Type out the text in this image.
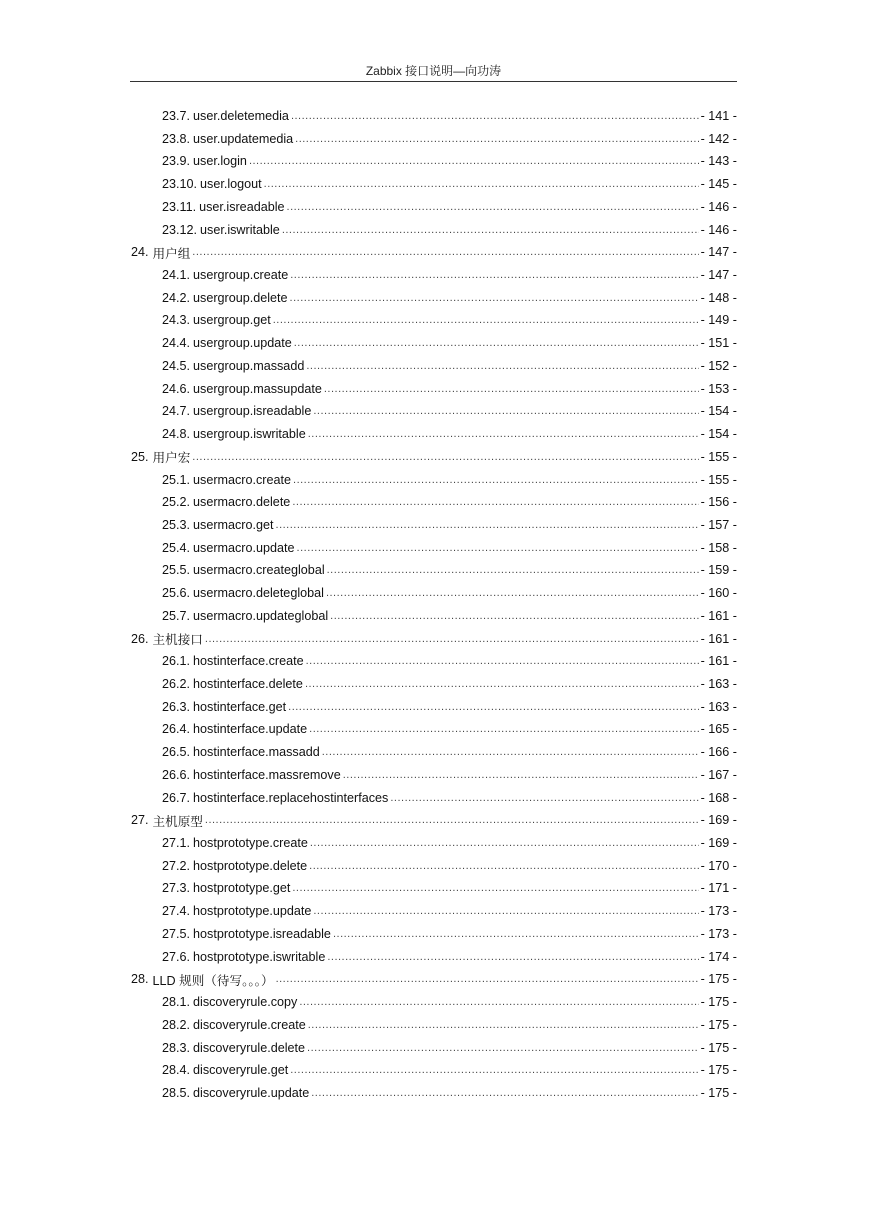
Zabbix 接口说明—向功涛
23.7. user.deletemedia .....	- 141 -
23.8. user.updatemedia .....	- 142 -
23.9. user.login .....	- 143 -
23.10. user.logout .....	- 145 -
23.11. user.isreadable .....	- 146 -
23.12. user.iswritable .....	- 146 -
24. 用户组 .....	- 147 -
24.1. usergroup.create .....	- 147 -
24.2. usergroup.delete .....	- 148 -
24.3. usergroup.get .....	- 149 -
24.4. usergroup.update .....	- 151 -
24.5. usergroup.massadd .....	- 152 -
24.6. usergroup.massupdate .....	- 153 -
24.7. usergroup.isreadable .....	- 154 -
24.8. usergroup.iswritable .....	- 154 -
25. 用户宏 .....	- 155 -
25.1. usermacro.create .....	- 155 -
25.2. usermacro.delete .....	- 156 -
25.3. usermacro.get .....	- 157 -
25.4. usermacro.update .....	- 158 -
25.5. usermacro.createglobal .....	- 159 -
25.6. usermacro.deleteglobal .....	- 160 -
25.7. usermacro.updateglobal .....	- 161 -
26. 主机接口 .....	- 161 -
26.1. hostinterface.create .....	- 161 -
26.2. hostinterface.delete .....	- 163 -
26.3. hostinterface.get .....	- 163 -
26.4. hostinterface.update .....	- 165 -
26.5. hostinterface.massadd .....	- 166 -
26.6. hostinterface.massremove .....	- 167 -
26.7. hostinterface.replacehostinterfaces .....	- 168 -
27. 主机原型 .....	- 169 -
27.1. hostprototype.create .....	- 169 -
27.2. hostprototype.delete .....	- 170 -
27.3. hostprototype.get .....	- 171 -
27.4. hostprototype.update .....	- 173 -
27.5. hostprototype.isreadable .....	- 173 -
27.6. hostprototype.iswritable .....	- 174 -
28. LLD 规则（待写。。。） .....	- 175 -
28.1. discoveryrule.copy .....	- 175 -
28.2. discoveryrule.create .....	- 175 -
28.3. discoveryrule.delete .....	- 175 -
28.4. discoveryrule.get .....	- 175 -
28.5. discoveryrule.update .....	- 175 -
